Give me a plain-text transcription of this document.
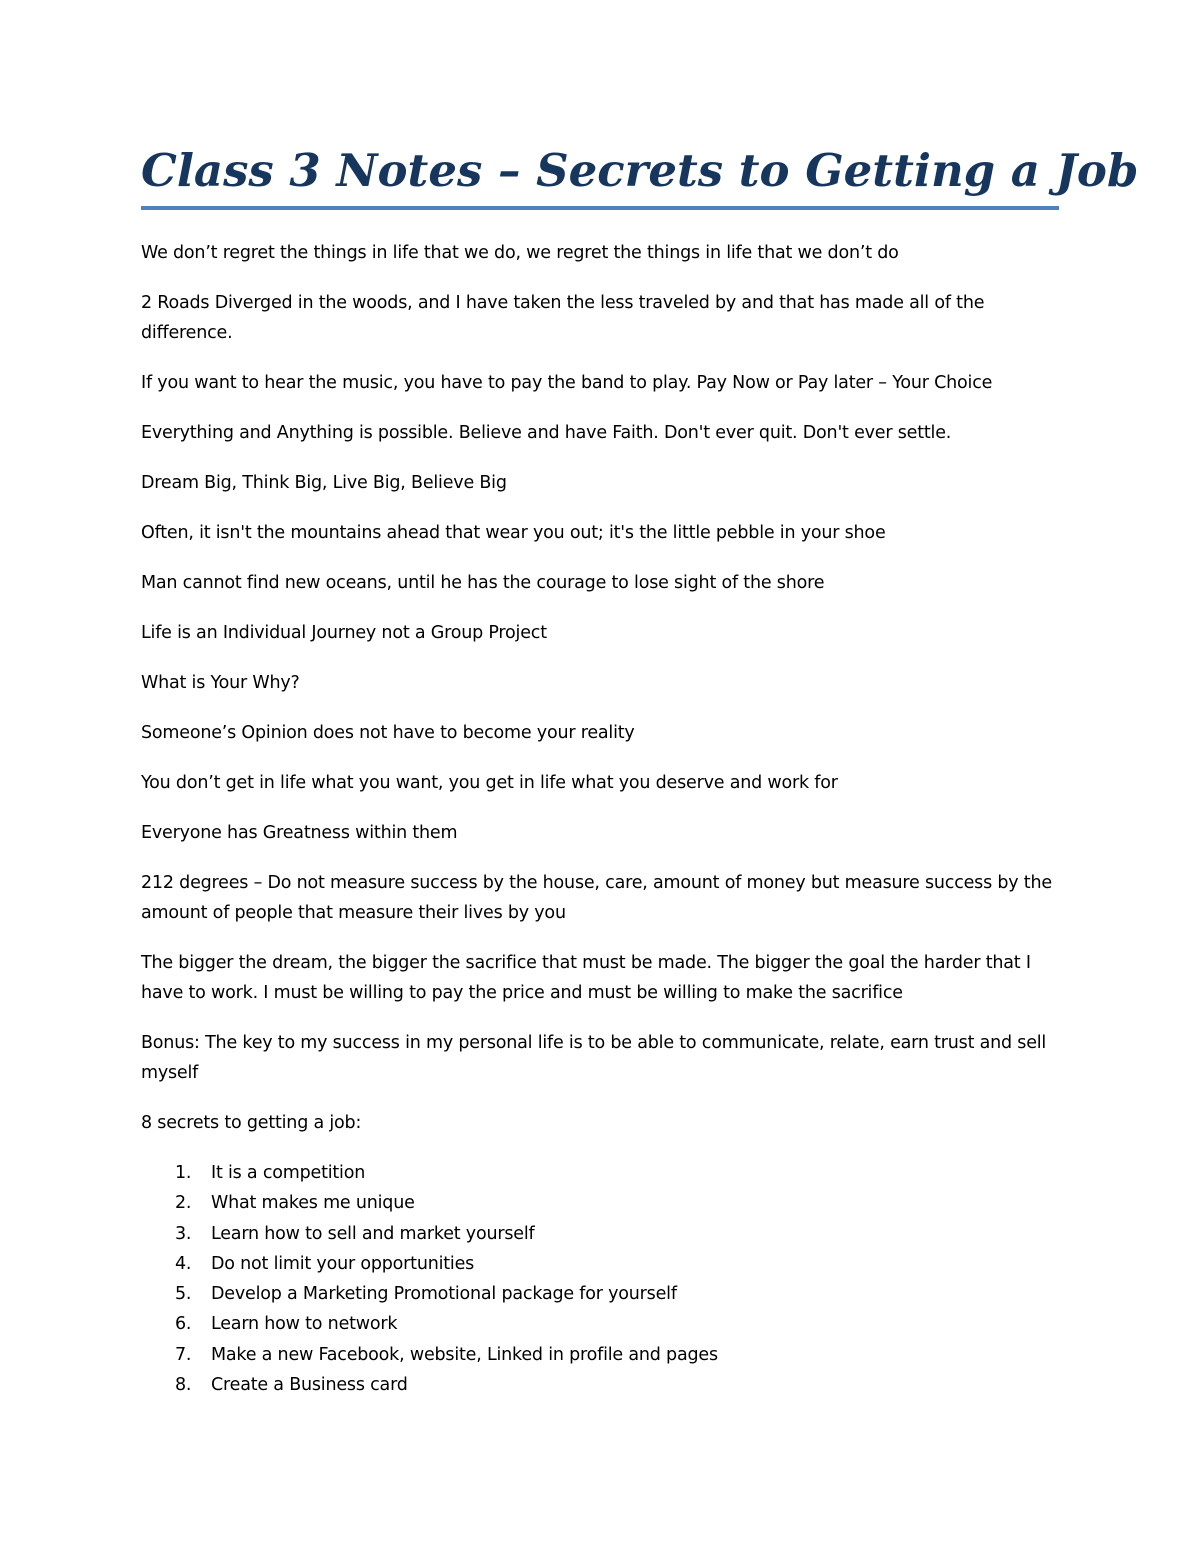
Class 3 Notes – Secrets to Getting a Job

We don’t regret the things in life that we do, we regret the things in life that we don’t do

2 Roads Diverged in the woods, and I have taken the less traveled by and that has made all of the difference.

If you want to hear the music, you have to pay the band to play. Pay Now or Pay later – Your Choice

Everything and Anything is possible. Believe and have Faith. Don't ever quit. Don't ever settle.

Dream Big, Think Big, Live Big, Believe Big

Often, it isn't the mountains ahead that wear you out; it's the little pebble in your shoe

Man cannot find new oceans, until he has the courage to lose sight of the shore

Life is an Individual Journey not a Group Project

What is Your Why?

Someone’s Opinion does not have to become your reality

You don’t get in life what you want, you get in life what you deserve and work for

Everyone has Greatness within them

212 degrees – Do not measure success by the house, care, amount of money but measure success by the amount of people that measure their lives by you

The bigger the dream, the bigger the sacrifice that must be made. The bigger the goal the harder that I have to work. I must be willing to pay the price and must be willing to make the sacrifice

Bonus: The key to my success in my personal life is to be able to communicate, relate, earn trust and sell myself

8 secrets to getting a job:

1.	It is a competition
2.	What makes me unique
3.	Learn how to sell and market yourself
4.	Do not limit your opportunities
5.	Develop a Marketing Promotional package for yourself
6.	Learn how to network
7.	Make a new Facebook, website, Linked in profile and pages
8.	Create a Business card
